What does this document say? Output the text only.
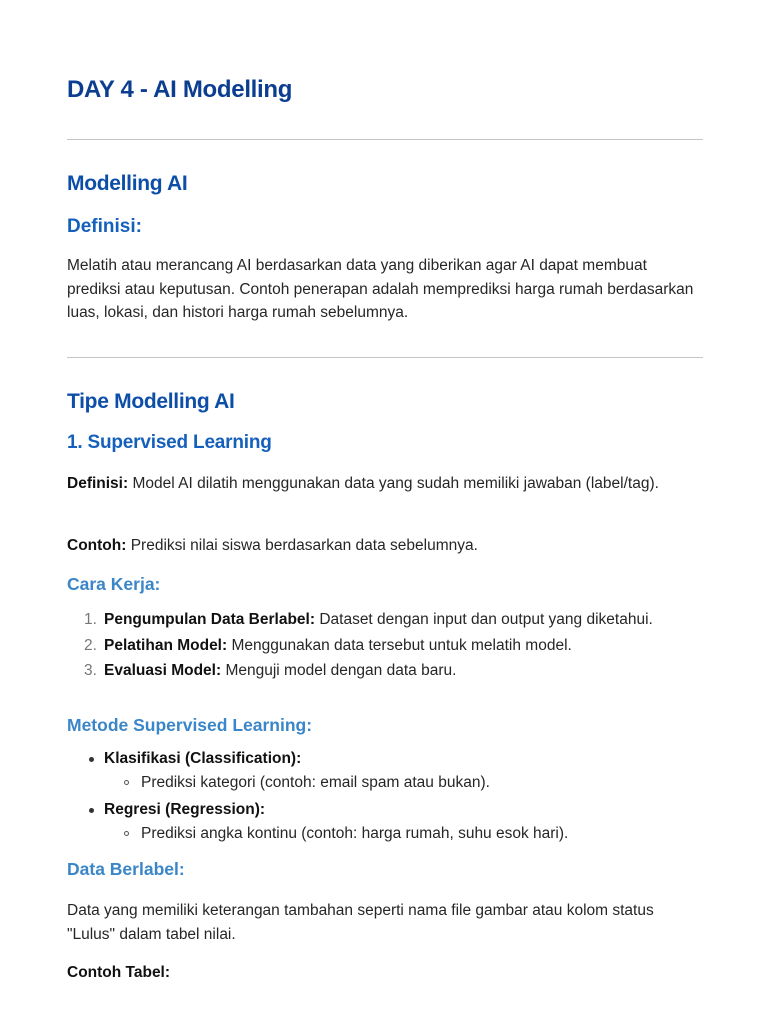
DAY 4 - AI Modelling
Modelling AI
Definisi:

Melatih atau merancang AI berdasarkan data yang diberikan agar AI dapat membuat prediksi atau keputusan. Contoh penerapan adalah memprediksi harga rumah berdasarkan luas, lokasi, dan histori harga rumah sebelumnya.

Tipe Modelling AI
1. Supervised Learning

Definisi: Model AI dilatih menggunakan data yang sudah memiliki jawaban (label/tag).

Contoh: Prediksi nilai siswa berdasarkan data sebelumnya.

Cara Kerja:
1. Pengumpulan Data Berlabel: Dataset dengan input dan output yang diketahui.
2. Pelatihan Model: Menggunakan data tersebut untuk melatih model.
3. Evaluasi Model: Menguji model dengan data baru.
Metode Supervised Learning:
Klasifikasi (Classification):
Prediksi kategori (contoh: email spam atau bukan).
Regresi (Regression):
Prediksi angka kontinu (contoh: harga rumah, suhu esok hari).
Data Berlabel:

Data yang memiliki keterangan tambahan seperti nama file gambar atau kolom status "Lulus" dalam tabel nilai.

Contoh Tabel:
